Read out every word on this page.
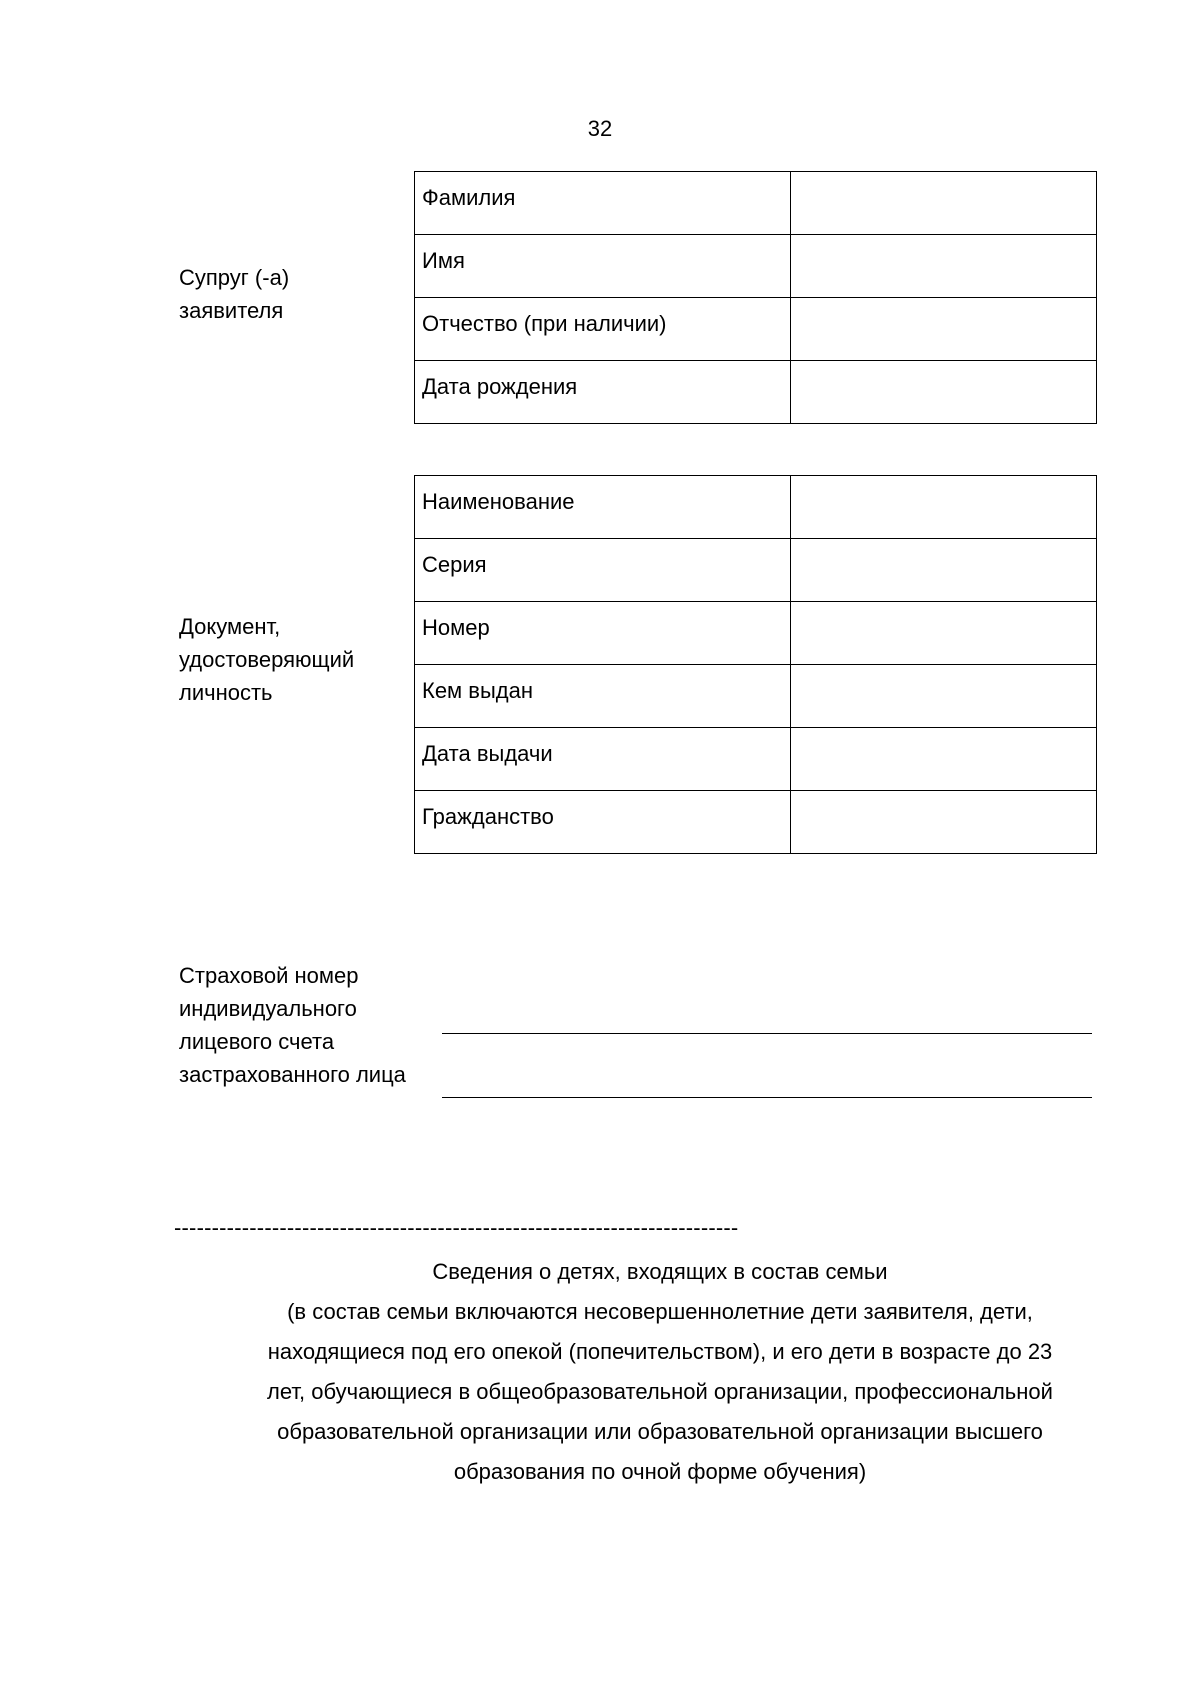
32
Супруг (-а)
заявителя
Фамилия	
Имя	
Отчество (при наличии)	
Дата рождения	
Документ,
удостоверяющий
личность
Наименование	
Серия	
Номер	
Кем выдан	
Дата выдачи	
Гражданство	
Страховой номер
индивидуального
лицевого счета
застрахованного лица
---------------------------------------------------------------------------
Сведения о детях, входящих в состав семьи
(в состав семьи включаются несовершеннолетние дети заявителя, дети,
находящиеся под его опекой (попечительством), и его дети в возрасте до 23
лет, обучающиеся в общеобразовательной организации, профессиональной
образовательной организации или образовательной организации высшего
образования по очной форме обучения)
